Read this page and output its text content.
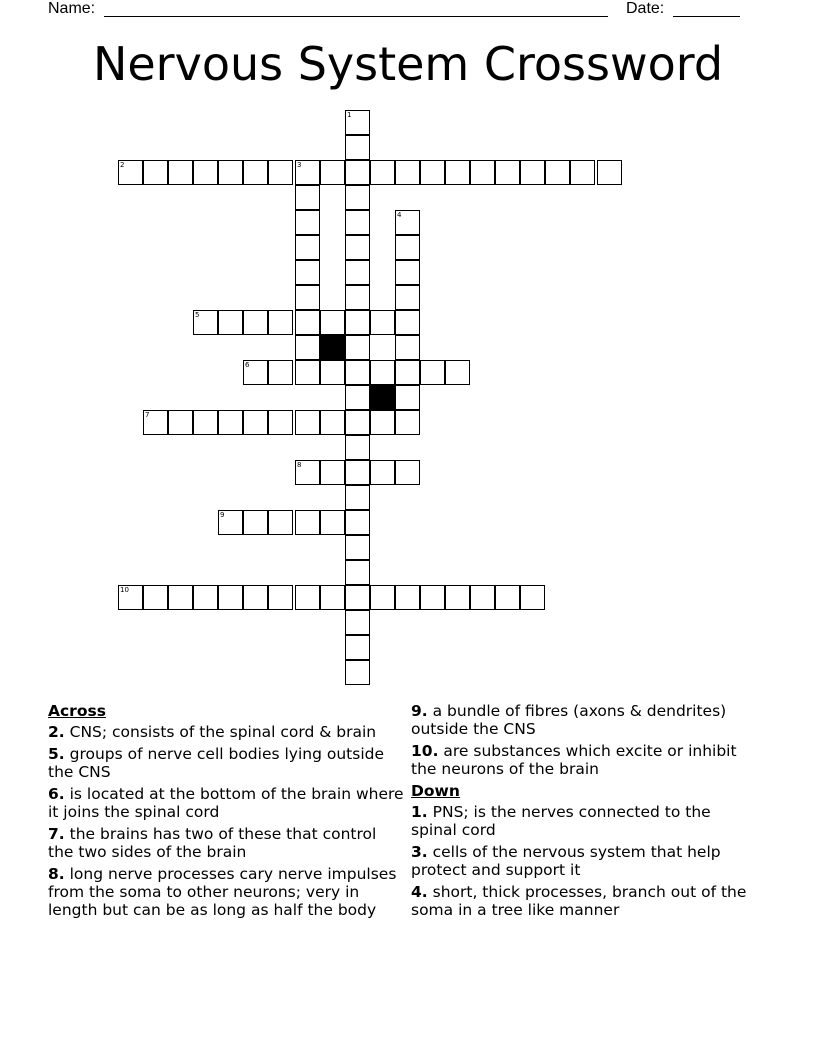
Name:	Date:
Nervous System Crossword
1
2	3
4
5
6
7
8
9
10
Across
2. CNS; consists of the spinal cord & brain
5. groups of nerve cell bodies lying outside the CNS
6. is located at the bottom of the brain where it joins the spinal cord
7. the brains has two of these that control the two sides of the brain
8. long nerve processes cary nerve impulses from the soma to other neurons; very in length but can be as long as half the body
9. a bundle of fibres (axons & dendrites) outside the CNS
10. are substances which excite or inhibit the neurons of the brain
Down
1. PNS; is the nerves connected to the spinal cord
3. cells of the nervous system that help protect and support it
4. short, thick processes, branch out of the soma in a tree like manner
